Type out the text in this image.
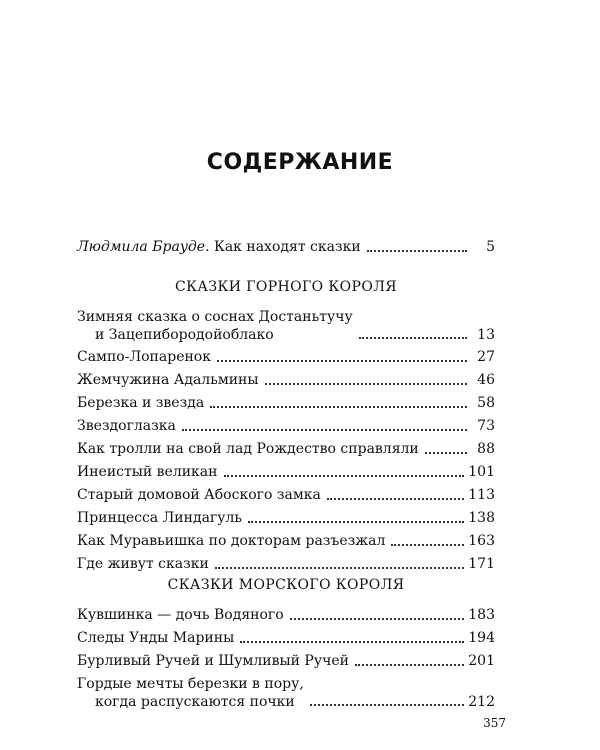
СОДЕРЖАНИЕ
Людмила Брауде. Как находят сказки	5
СКАЗКИ ГОРНОГО КОРОЛЯ
Зимняя сказка о соснах Достаньтучу
и Зацепибородойоблако	13
Сампо-Лопаренок	27
Жемчужина Адальмины	46
Березка и звезда	58
Звездоглазка	73
Как тролли на свой лад Рождество справляли	88
Инеистый великан	101
Старый домовой Абоского замка	113
Принцесса Линдагуль	138
Как Муравьишка по докторам разъезжал	163
Где живут сказки	171
СКАЗКИ МОРСКОГО КОРОЛЯ
Кувшинка — дочь Водяного	183
Следы Унды Марины	194
Бурливый Ручей и Шумливый Ручей	201
Гордые мечты березки в пору,
когда распускаются почки	212
357
